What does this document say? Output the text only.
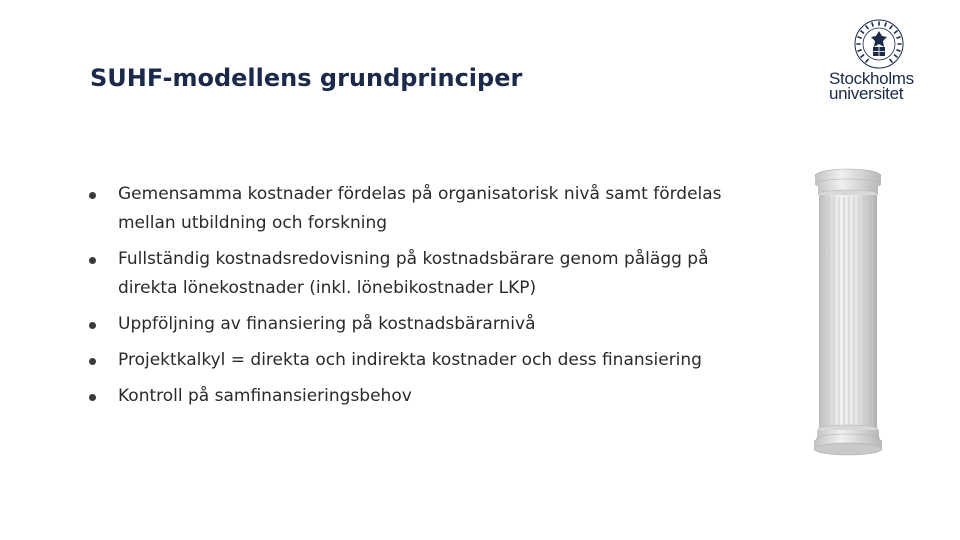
SUHF-modellens grundprinciper
Gemensamma kostnader fördelas på organisatorisk nivå samt fördelas mellan utbildning och forskning
Fullständig kostnadsredovisning på kostnadsbärare genom pålägg på direkta lönekostnader (inkl. lönebikostnader LKP)
Uppföljning av finansiering på kostnadsbärarnivå
Projektkalkyl = direkta och indirekta kostnader och dess finansiering
Kontroll på samfinansieringsbehov
Stockholms
universitet
